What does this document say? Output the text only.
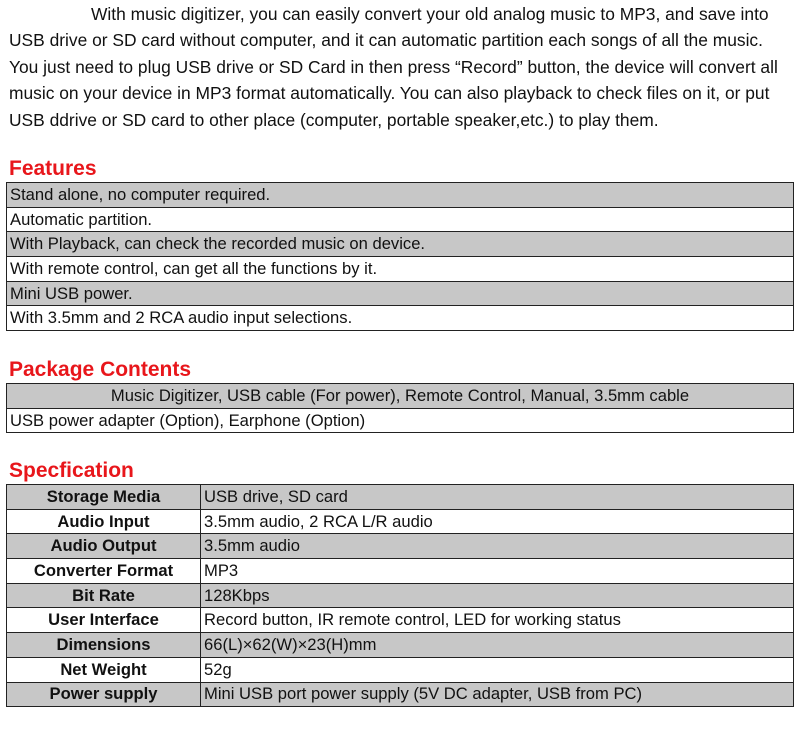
With music digitizer, you can easily convert your old analog music to MP3, and save into USB drive or SD card without computer, and it can automatic partition each songs of all the music. You just need to plug USB drive or SD Card in then press “Record” button, the device will convert all music on your device in MP3 format automatically. You can also playback to check files on it, or put USB ddrive or SD card to other place (computer, portable speaker,etc.) to play them.

Features
Stand alone, no computer required.
Automatic partition.
With Playback, can check the recorded music on device.
With remote control, can get all the functions by it.
Mini USB power.
With 3.5mm and 2 RCA audio input selections.
Package Contents
Music Digitizer, USB cable (For power), Remote Control, Manual, 3.5mm cable
USB power adapter (Option), Earphone (Option)
Specfication
Storage Media	USB drive, SD card
Audio Input	3.5mm audio, 2 RCA L/R audio
Audio Output	3.5mm audio
Converter Format	MP3
Bit Rate	128Kbps
User Interface	Record button, IR remote control, LED for working status
Dimensions	66(L)×62(W)×23(H)mm
Net Weight	52g
Power supply	Mini USB port power supply (5V DC adapter, USB from PC)
